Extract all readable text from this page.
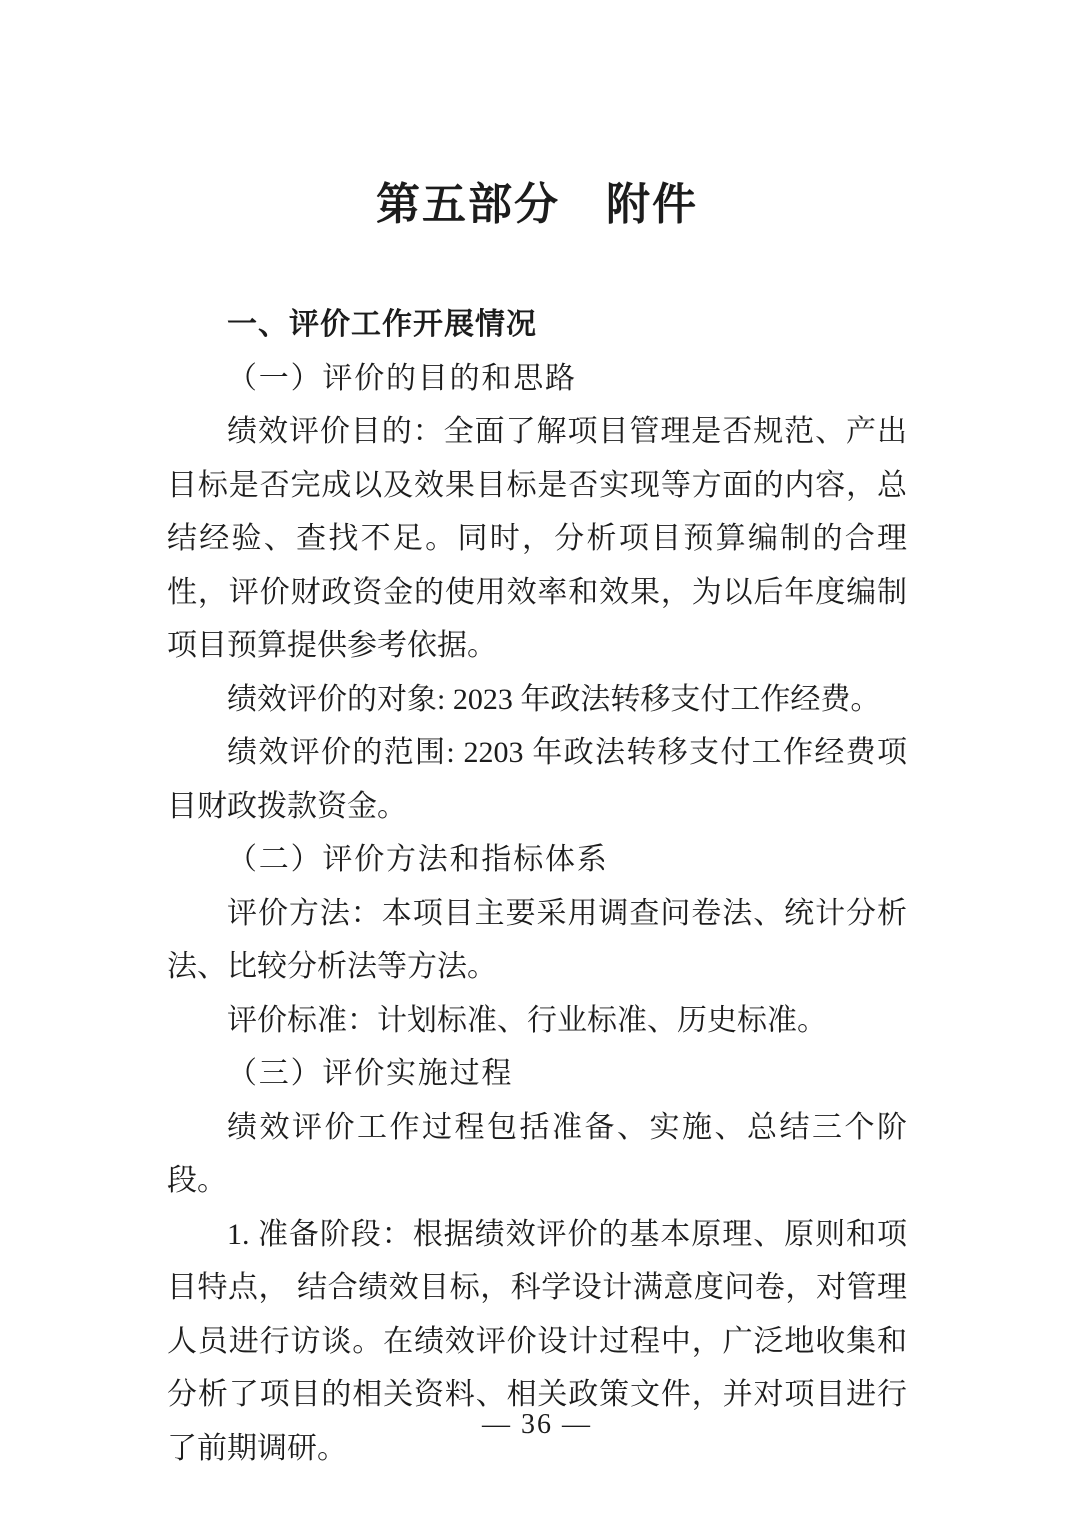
第五部分　附件
一、评价工作开展情况

（一）评价的目的和思路

绩效评价目的：全面了解项目管理是否规范、产出目标是否完成以及效果目标是否实现等方面的内容，总结经验、查找不足。同时，分析项目预算编制的合理性，评价财政资金的使用效率和效果，为以后年度编制项目预算提供参考依据。

绩效评价的对象: 2023 年政法转移支付工作经费。

绩效评价的范围: 2203 年政法转移支付工作经费项目财政拨款资金。

（二）评价方法和指标体系

评价方法：本项目主要采用调查问卷法、统计分析法、比较分析法等方法。

评价标准：计划标准、行业标准、历史标准。

（三）评价实施过程

绩效评价工作过程包括准备、实施、总结三个阶段。

1. 准备阶段：根据绩效评价的基本原理、原则和项目特点， 结合绩效目标，科学设计满意度问卷，对管理人员进行访谈。在绩效评价设计过程中，广泛地收集和分析了项目的相关资料、相关政策文件，并对项目进行了前期调研。

— 36 —
